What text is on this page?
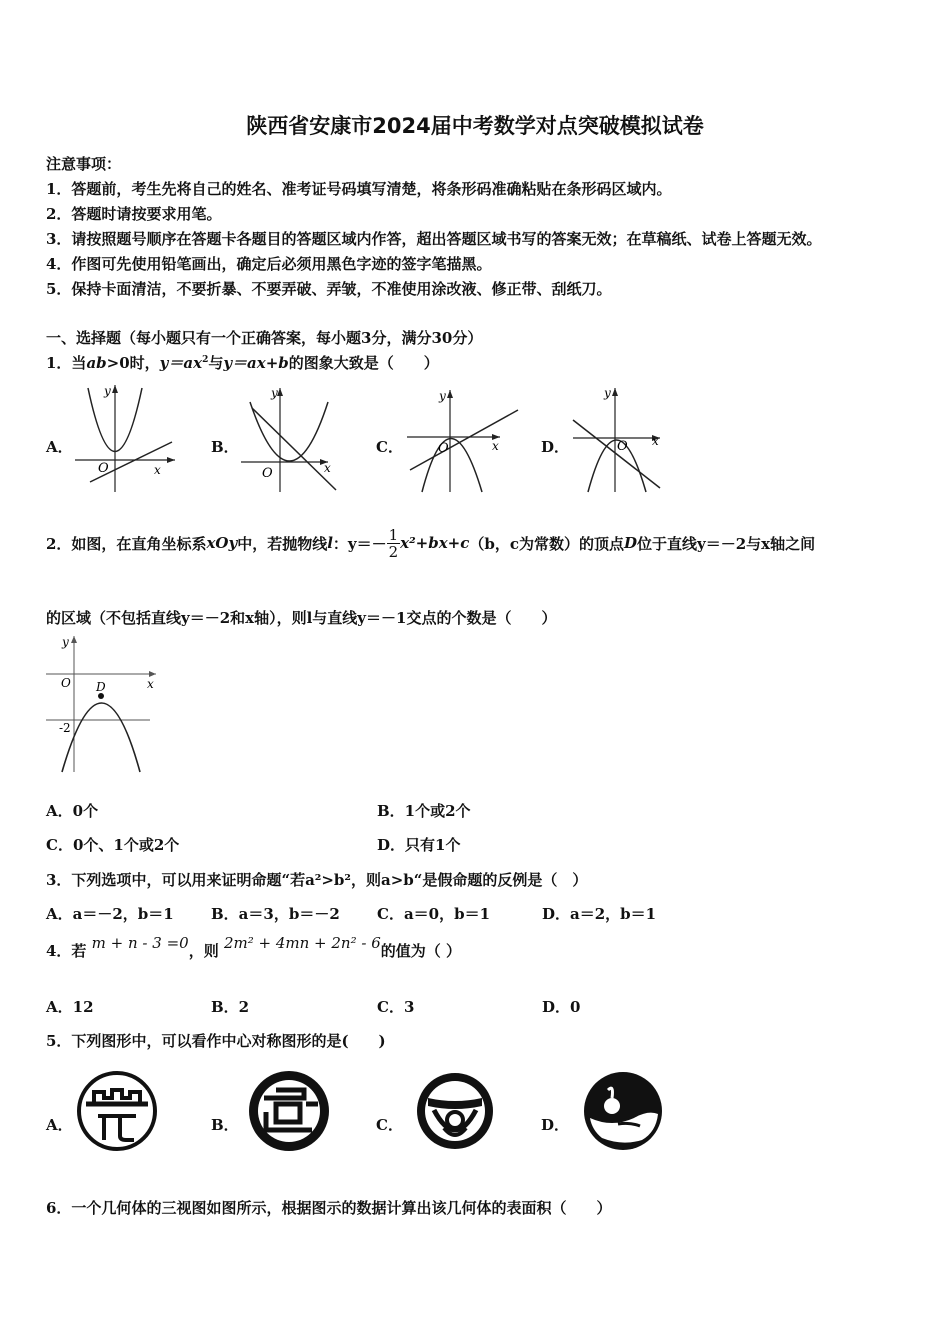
陕西省安康市2024届中考数学对点突破模拟试卷
注意事项：
1．答题前，考生先将自己的姓名、准考证号码填写清楚，将条形码准确粘贴在条形码区域内。
2．答题时请按要求用笔。
3．请按照题号顺序在答题卡各题目的答题区域内作答，超出答题区域书写的答案无效；在草稿纸、试卷上答题无效。
4．作图可先使用铅笔画出，确定后必须用黑色字迹的签字笔描黑。
5．保持卡面清洁，不要折暴、不要弄破、弄皱，不准使用涂改液、修正带、刮纸刀。
一、选择题（每小题只有一个正确答案，每小题3分，满分30分）
1．当ab>0时，$y=ax^2$与y＝ax+b的图象大致是（　　）
A．	B．	C．	D．
y
x
O
y
x
O
y
x
O
y
x
O
2．如图，在直角坐标系 xOy 中，若抛物线 l ：$y=- \frac{1}{2} x^2+bx+c$ （b，c为常数）的顶点 D 位于直线y＝－2与x轴之间
的区域（不包括直线y＝－2和x轴），则l与直线y＝－1交点的个数是（　　）
y
x
O D
-2
A．0个	B．1个或2个
C．0个、1个或2个	D．只有1个
3．下列选项中，可以用来证明命题“若a²>b²，则a>b“是假命题的反例是（　）
A．a＝－2，b＝1 B．a＝3，b＝－2 C．a＝0，b＝1	D．a＝2，b＝1
4．若 m + n - 3 =0，则 2m² + 4mn + 2n² - 6的值为（ ）
A．12	B．2	C．3	D．0
5．下列图形中，可以看作中心对称图形的是(　　)
A．	B．	C．	D．
6．一个几何体的三视图如图所示，根据图示的数据计算出该几何体的表面积（　　）
